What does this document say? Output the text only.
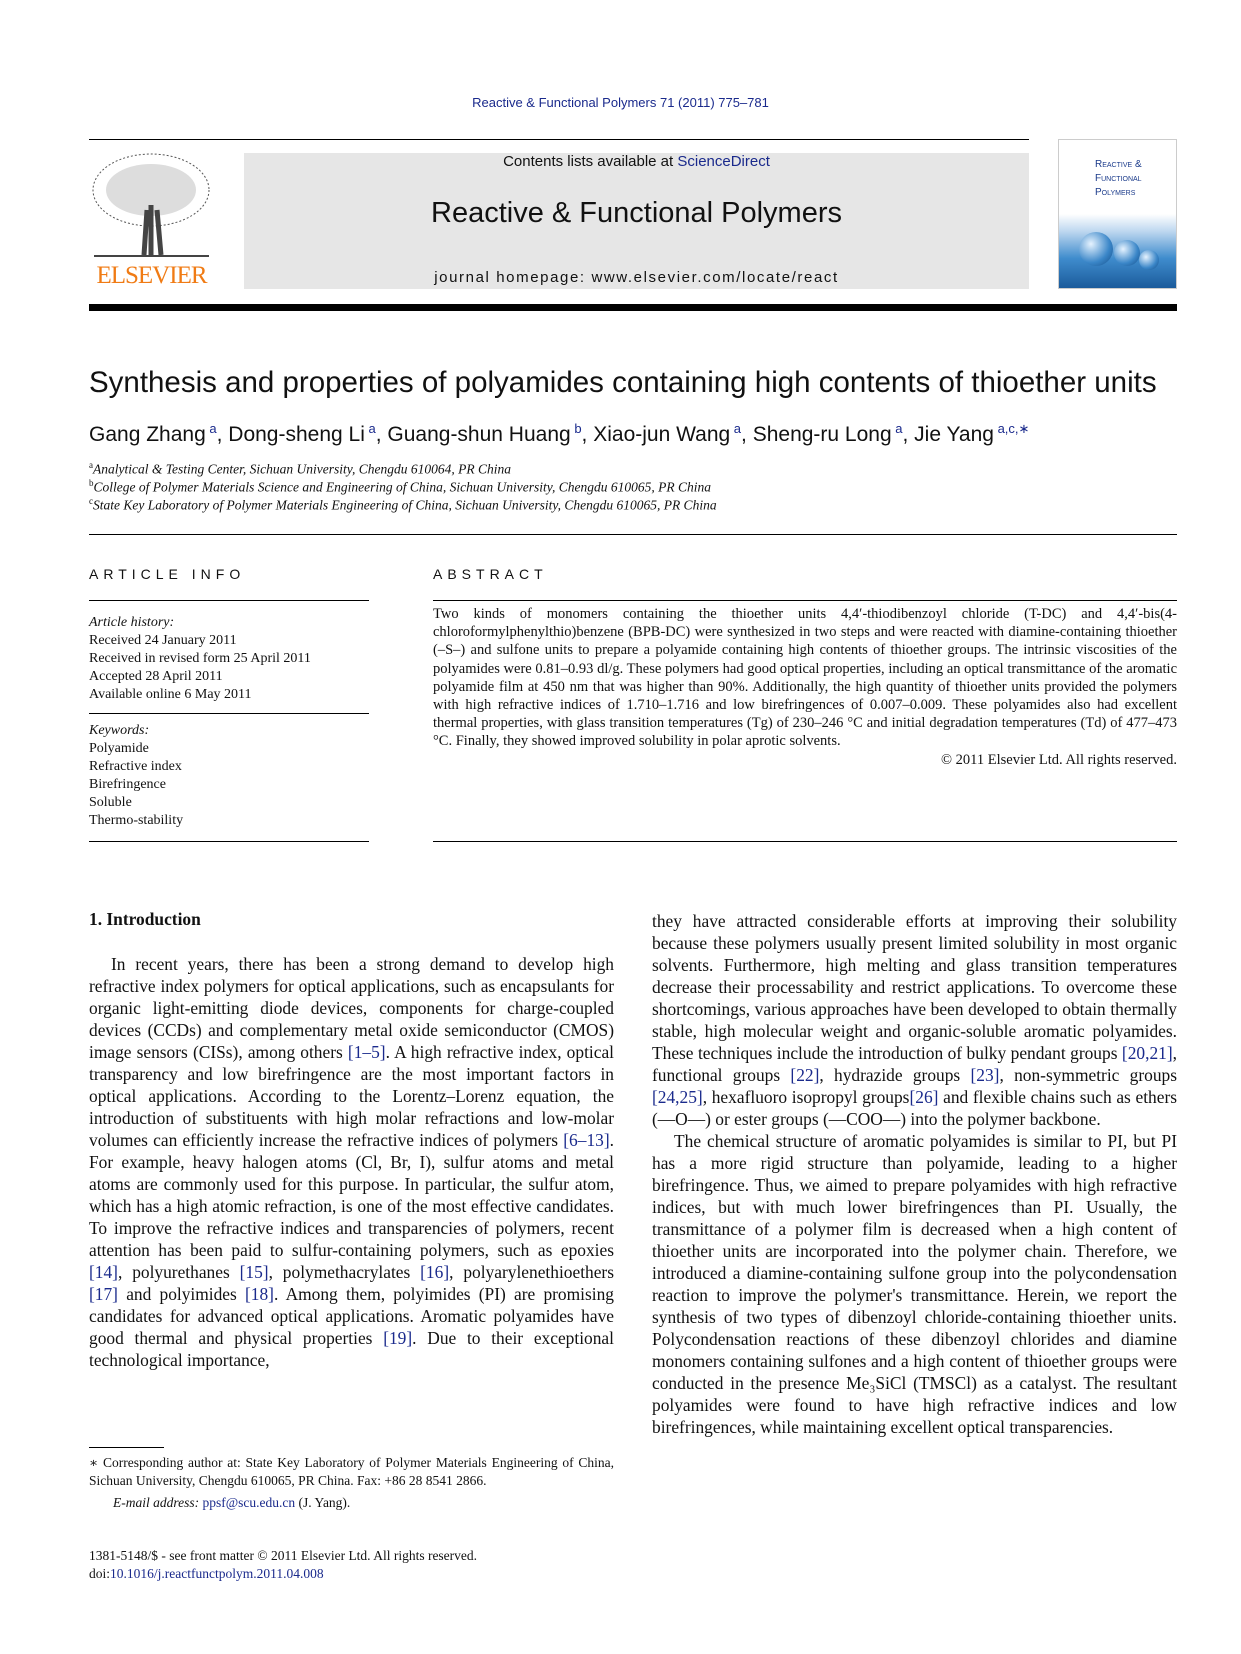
Reactive & Functional Polymers 71 (2011) 775–781
ELSEVIER
Contents lists available at ScienceDirect
Reactive & Functional Polymers
journal homepage: www.elsevier.com/locate/react
Reactive &
Functional
Polymers
Synthesis and properties of polyamides containing high contents of thioether units
Gang Zhang $^a$, Dong-sheng Li $^a$, Guang-shun Huang $^b$, Xiao-jun Wang $^a$, Sheng-ru Long $^a$, Jie Yang $^{a,c,∗}$
$^a$Analytical & Testing Center, Sichuan University, Chengdu 610064, PR China
$^b$College of Polymer Materials Science and Engineering of China, Sichuan University, Chengdu 610065, PR China
$^c$State Key Laboratory of Polymer Materials Engineering of China, Sichuan University, Chengdu 610065, PR China
ARTICLE INFO	ABSTRACT
Article history:
Received 24 January 2011
Received in revised form 25 April 2011
Accepted 28 April 2011
Available online 6 May 2011
Keywords:
Polyamide
Refractive index
Birefringence
Soluble
Thermo-stability
Two kinds of monomers containing the thioether units 4,4′-thiodibenzoyl chloride (T-DC) and 4,4′-bis(4-chloroformylphenylthio)benzene (BPB-DC) were synthesized in two steps and were reacted with diamine-containing thioether (–S–) and sulfone units to prepare a polyamide containing high contents of thioether groups. The intrinsic viscosities of the polyamides were 0.81–0.93 dl/g. These polymers had good optical properties, including an optical transmittance of the aromatic polyamide film at 450 nm that was higher than 90%. Additionally, the high quantity of thioether units provided the polymers with high refractive indices of 1.710–1.716 and low birefringences of 0.007–0.009. These polyamides also had excellent thermal properties, with glass transition temperatures (Tg) of 230–246 °C and initial degradation temperatures (Td) of 477–473 °C. Finally, they showed improved solubility in polar aprotic solvents.
© 2011 Elsevier Ltd. All rights reserved.
1. Introduction

In recent years, there has been a strong demand to develop high refractive index polymers for optical applications, such as encapsulants for organic light-emitting diode devices, components for charge-coupled devices (CCDs) and complementary metal oxide semiconductor (CMOS) image sensors (CISs), among others [1–5]. A high refractive index, optical transparency and low birefringence are the most important factors in optical applications. According to the Lorentz–Lorenz equation, the introduction of substituents with high molar refractions and low-molar volumes can efficiently increase the refractive indices of polymers [6–13]. For example, heavy halogen atoms (Cl, Br, I), sulfur atoms and metal atoms are commonly used for this purpose. In particular, the sulfur atom, which has a high atomic refraction, is one of the most effective candidates. To improve the refractive indices and transparencies of polymers, recent attention has been paid to sulfur-containing polymers, such as epoxies [14], polyurethanes [15], polymethacrylates [16], polyarylenethioethers [17] and polyimides [18]. Among them, polyimides (PI) are promising candidates for advanced optical applications. Aromatic polyamides have good thermal and physical properties [19]. Due to their exceptional technological importance,

they have attracted considerable efforts at improving their solubility because these polymers usually present limited solubility in most organic solvents. Furthermore, high melting and glass transition temperatures decrease their processability and restrict applications. To overcome these shortcomings, various approaches have been developed to obtain thermally stable, high molecular weight and organic-soluble aromatic polyamides. These techniques include the introduction of bulky pendant groups [20,21], functional groups [22], hydrazide groups [23], non-symmetric groups [24,25], hexafluoro isopropyl groups[26] and flexible chains such as ethers (—O—) or ester groups (—COO—) into the polymer backbone.

The chemical structure of aromatic polyamides is similar to PI, but PI has a more rigid structure than polyamide, leading to a higher birefringence. Thus, we aimed to prepare polyamides with high refractive indices, but with much lower birefringences than PI. Usually, the transmittance of a polymer film is decreased when a high content of thioether units are incorporated into the polymer chain. Therefore, we introduced a diamine-containing sulfone group into the polycondensation reaction to improve the polymer's transmittance. Herein, we report the synthesis of two types of dibenzoyl chloride-containing thioether units. Polycondensation reactions of these dibenzoyl chlorides and diamine monomers containing sulfones and a high content of thioether groups were conducted in the presence Me₃SiCl (TMSCl) as a catalyst. The resultant polyamides were found to have high refractive indices and low birefringences, while maintaining excellent optical transparencies.

∗ Corresponding author at: State Key Laboratory of Polymer Materials Engineering of China, Sichuan University, Chengdu 610065, PR China. Fax: +86 28 8541 2866.

E-mail address: ppsf@scu.edu.cn (J. Yang).

1381-5148/$ - see front matter © 2011 Elsevier Ltd. All rights reserved.
doi:10.1016/j.reactfunctpolym.2011.04.008
